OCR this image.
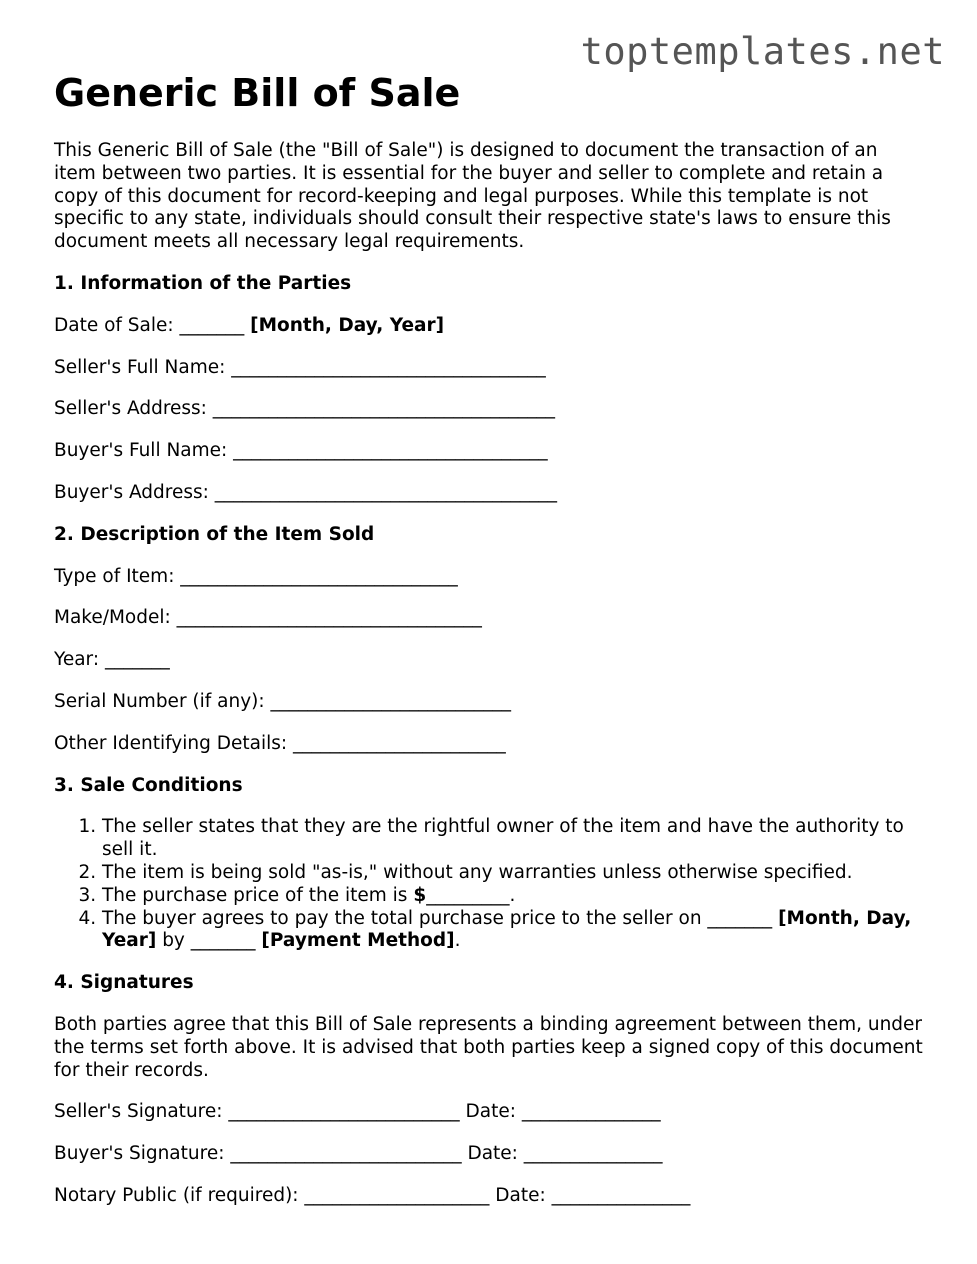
toptemplates.net
Generic Bill of Sale

This Generic Bill of Sale (the "Bill of Sale") is designed to document the transaction of an item between two parties. It is essential for the buyer and seller to complete and retain a copy of this document for record-keeping and legal purposes. While this template is not specific to any state, individuals should consult their respective state's laws to ensure this document meets all necessary legal requirements.

1. Information of the Parties
Date of Sale: _______ [Month, Day, Year]
Seller's Full Name: __________________________________
Seller's Address: _____________________________________
Buyer's Full Name: __________________________________
Buyer's Address: _____________________________________
2. Description of the Item Sold
Type of Item: ______________________________
Make/Model: _________________________________
Year: _______
Serial Number (if any): __________________________
Other Identifying Details: _______________________
3. Sale Conditions
1. The seller states that they are the rightful owner of the item and have the authority to sell it.
2. The item is being sold "as-is," without any warranties unless otherwise specified.
3. The purchase price of the item is $_________.
4. The buyer agrees to pay the total purchase price to the seller on _______ [Month, Day, Year] by _______ [Payment Method].
4. Signatures
Both parties agree that this Bill of Sale represents a binding agreement between them, under the terms set forth above. It is advised that both parties keep a signed copy of this document for their records.
Seller's Signature: _________________________ Date: _______________
Buyer's Signature: _________________________ Date: _______________
Notary Public (if required): ____________________ Date: _______________
